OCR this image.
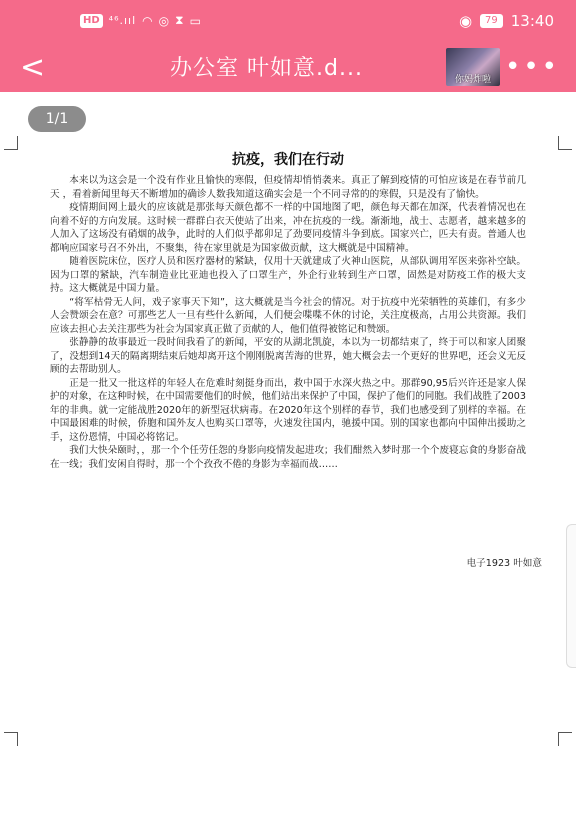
HD ⁴⁶.ııl ◠ ◎ ⧗ ▭	◉	79 13:40
<	办公室 叶如意.d...	你妈炸啦 •••
1/1
抗疫，我们在行动

本来以为这会是一个没有作业且愉快的寒假，但疫情却悄悄袭来。真正了解到疫情的可怕应该是在春节前几天 ，看着新闻里每天不断增加的确诊人数我知道这确实会是一个不同寻常的的寒假，只是没有了愉快。

疫情期间网上最火的应该就是那张每天颜色都不一样的中国地图了吧，颜色每天都在加深，代表着情况也在向着不好的方向发展。这时候一群群白衣天使站了出来，冲在抗疫的一线。渐渐地，战士、志愿者，越来越多的人加入了这场没有硝烟的战争，此时的人们似乎都卯足了劲要同疫情斗争到底。国家兴亡，匹夫有责。普通人也都响应国家号召不外出，不聚集，待在家里就是为国家做贡献，这大概就是中国精神。

随着医院床位，医疗人员和医疗器材的紧缺，仅用十天就建成了火神山医院，从部队调用军医来弥补空缺。因为口罩的紧缺，汽车制造业比亚迪也投入了口罩生产，外企行业转到生产口罩，固然是对防疫工作的极大支持。这大概就是中国力量。

“将军枯骨无人问，戏子家事天下知”，这大概就是当今社会的情况。对于抗疫中光荣牺牲的英雄们，有多少人会赞颂会在意？可那些艺人一旦有些什么新闻，人们便会喋喋不休的讨论，关注度极高，占用公共资源。我们应该去担心去关注那些为社会为国家真正做了贡献的人，他们值得被铭记和赞颂。

张静静的故事最近一段时间我看了的新闻，平安的从湖北凯旋，本以为一切都结束了，终于可以和家人团聚了，没想到14天的隔离期结束后她却离开这个刚刚脱离苦海的世界，她大概会去一个更好的世界吧，还会义无反顾的去帮助别人。

正是一批又一批这样的年轻人在危难时刻挺身而出，救中国于水深火热之中。那群90,95后兴许还是家人保护的对象，在这种时候，在中国需要他们的时候，他们站出来保护了中国，保护了他们的同胞。我们战胜了2003年的非典。就一定能战胜2020年的新型冠状病毒。在2020年这个别样的春节，我们也感受到了别样的幸福。在中国最困难的时候，侨胞和国外友人也购买口罩等，火速发往国内，驰援中国。别的国家也都向中国伸出援助之手，这份恩情，中国必将铭记。

我们大快朵颐时，，那一个个任劳任怨的身影向疫情发起进攻；我们酣然入梦时那一个个废寝忘食的身影奋战在一线；我们安闲自得时，那一个个孜孜不倦的身影为幸福而战……

电子1923 叶如意
